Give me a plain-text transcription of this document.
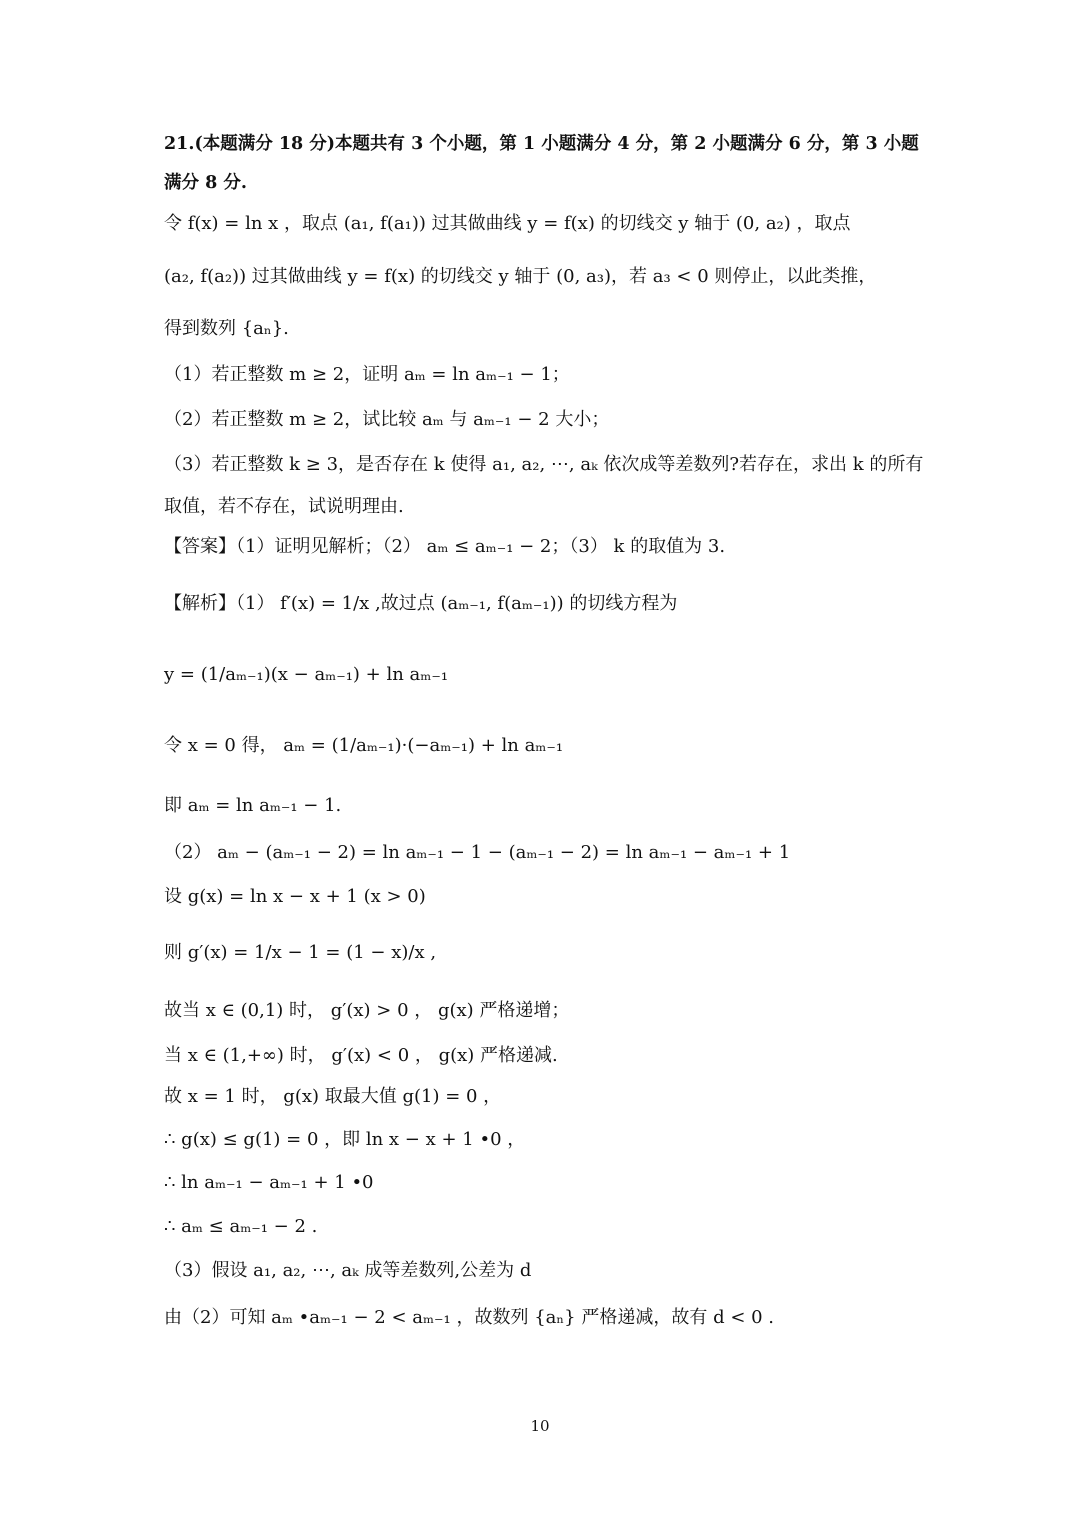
21.(本题满分 18 分)本题共有 3 个小题，第 1 小题满分 4 分，第 2 小题满分 6 分，第 3 小题
满分 8 分.
令 f(x) = ln x ，取点 (a₁, f(a₁)) 过其做曲线 y = f(x) 的切线交 y 轴于 (0, a₂) ，取点
(a₂, f(a₂)) 过其做曲线 y = f(x) 的切线交 y 轴于 (0, a₃)，若 a₃ < 0 则停止，以此类推，
得到数列 {aₙ}.
（1）若正整数 m ≥ 2，证明 aₘ = ln aₘ₋₁ − 1；
（2）若正整数 m ≥ 2，试比较 aₘ 与 aₘ₋₁ − 2 大小；
（3）若正整数 k ≥ 3，是否存在 k 使得 a₁, a₂, ⋯, aₖ 依次成等差数列?若存在，求出 k 的所有
取值，若不存在，试说明理由.
【答案】（1）证明见解析；（2） aₘ ≤ aₘ₋₁ − 2；（3） k 的取值为 3.
【解析】（1） f′(x) = 1/x ,故过点 (aₘ₋₁, f(aₘ₋₁)) 的切线方程为
y = (1/aₘ₋₁)(x − aₘ₋₁) + ln aₘ₋₁
令 x = 0 得， aₘ = (1/aₘ₋₁)·(−aₘ₋₁) + ln aₘ₋₁
即 aₘ = ln aₘ₋₁ − 1.
（2） aₘ − (aₘ₋₁ − 2) = ln aₘ₋₁ − 1 − (aₘ₋₁ − 2) = ln aₘ₋₁ − aₘ₋₁ + 1
设 g(x) = ln x − x + 1 (x > 0)
则 g′(x) = 1/x − 1 = (1 − x)/x ,
故当 x ∈ (0,1) 时， g′(x) > 0 ， g(x) 严格递增；
当 x ∈ (1,+∞) 时， g′(x) < 0 ， g(x) 严格递减.
故 x = 1 时， g(x) 取最大值 g(1) = 0 ，
∴ g(x) ≤ g(1) = 0 ，即 ln x − x + 1 •0 ，
∴ ln aₘ₋₁ − aₘ₋₁ + 1 •0
∴ aₘ ≤ aₘ₋₁ − 2 .
（3）假设 a₁, a₂, ⋯, aₖ 成等差数列,公差为 d
由（2）可知 aₘ •aₘ₋₁ − 2 < aₘ₋₁ ，故数列 {aₙ} 严格递减，故有 d < 0 .
10
